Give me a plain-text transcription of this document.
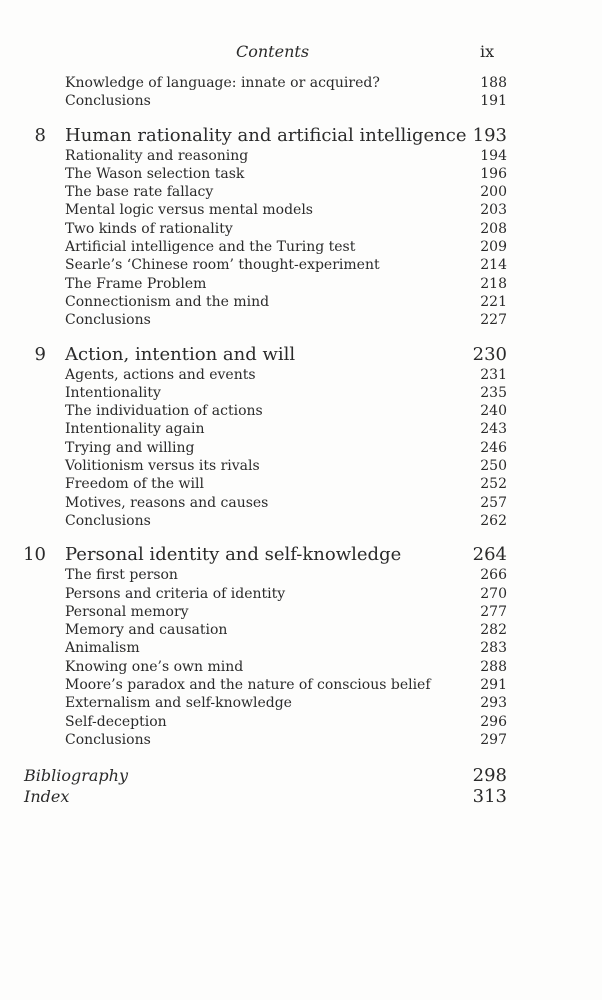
Contents	ix
Knowledge of language: innate or acquired?	188
Conclusions	191
8 Human rationality and artificial intelligence 193
Rationality and reasoning	194
The Wason selection task	196
The base rate fallacy	200
Mental logic versus mental models	203
Two kinds of rationality	208
Artificial intelligence and the Turing test	209
Searle’s ‘Chinese room’ thought-experiment	214
The Frame Problem	218
Connectionism and the mind	221
Conclusions	227
9 Action, intention and will	230
Agents, actions and events	231
Intentionality	235
The individuation of actions	240
Intentionality again	243
Trying and willing	246
Volitionism versus its rivals	250
Freedom of the will	252
Motives, reasons and causes	257
Conclusions	262
10 Personal identity and self-knowledge	264
The first person	266
Persons and criteria of identity	270
Personal memory	277
Memory and causation	282
Animalism	283
Knowing one’s own mind	288
Moore’s paradox and the nature of conscious belief	291
Externalism and self-knowledge	293
Self-deception	296
Conclusions	297
Bibliography	298
Index	313
